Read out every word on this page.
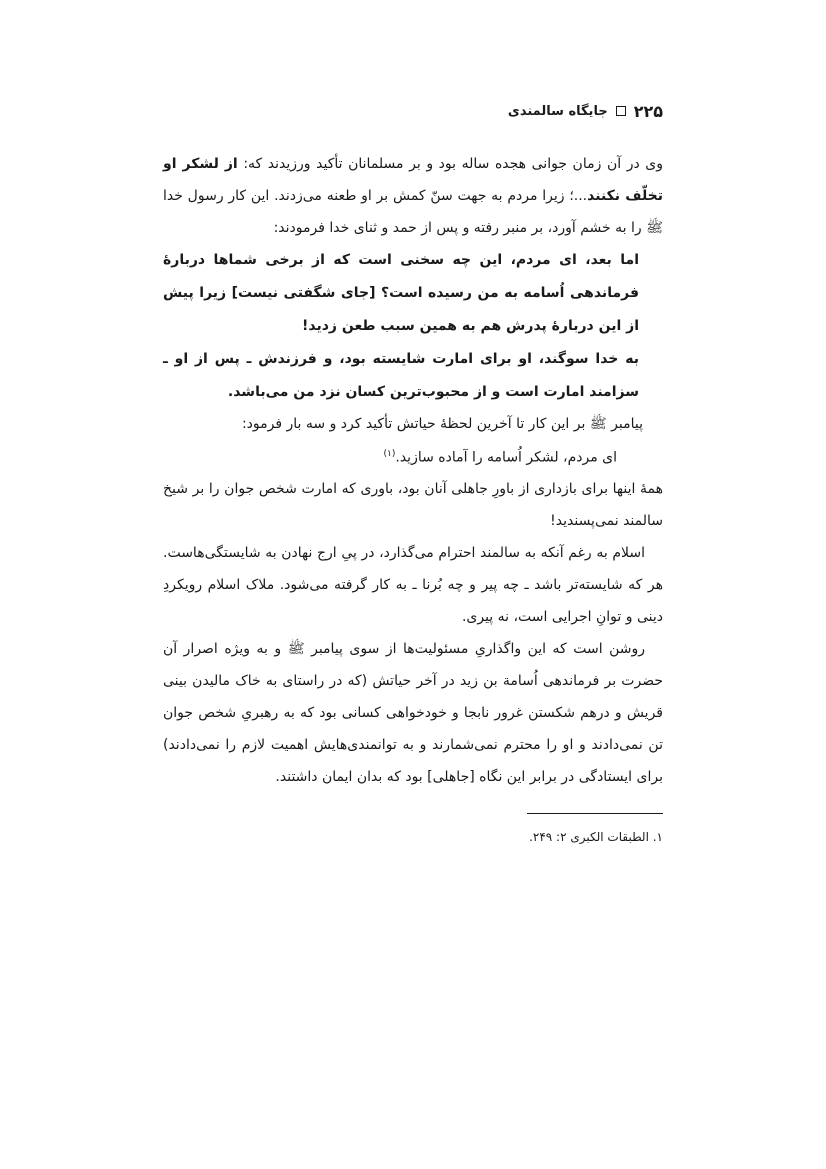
۲۲۵
جایگاه سالمندی

وی در آن زمان جوانی هجده ساله بود و بر مسلمانان تأکید ورزیدند که: از لشکر او تخلّف نکنند...؛ زیرا مردم به جهت سنّ کمش بر او طعنه می‌زدند. این کار رسول خدا ﷺ را به خشم آورد، بر منبر رفته و پس از حمد و ثنای خدا فرمودند:

اما بعد، ای مردم، این چه سخنی است که از برخی شماها دربارهٔ فرماندهی اُسامه به من رسیده است؟ [جای شگفتی نیست] زیرا پیش از این دربارهٔ پدرش هم به همین سبب طعن زدید!

به خدا سوگند، او برای امارت شایسته بود، و فرزندش ـ پس از او ـ سزامند امارت است و از محبوب‌ترین کسان نزد من می‌باشد.

پیامبر ﷺ بر این کار تا آخرین لحظهٔ حیاتش تأکید کرد و سه بار فرمود:

ای مردم، لشکر اُسامه را آماده سازید.$^{(۱)}$

همهٔ اینها برای بازداری از باورِ جاهلی آنان بود، باوری که امارت شخص جوان را بر شیخ سالمند نمی‌پسندید!

اسلام به رغم آنکه به سالمند احترام می‌گذارد، در پیِ ارج نهادن به شایستگی‌هاست. هر که شایسته‌تر باشد ـ چه پیر و چه بُرنا ـ به کار گرفته می‌شود. ملاک اسلام رویکردِ دینی و توانِ اجرایی است، نه پیری.

روشن است که این واگذاریِ مسئولیت‌ها از سوی پیامبر ﷺ و به ویژه اصرار آن حضرت بر فرماندهی اُسامة بن زید در آخر حیاتش (که در راستای به خاک مالیدن بینی قریش و درهم شکستن غرور نابجا و خودخواهی کسانی بود که به رهبریِ شخص جوان تن نمی‌دادند و او را محترم نمی‌شمارند و به توانمندی‌هایش اهمیت لازم را نمی‌دادند) برای ایستادگی در برابر این نگاه [جاهلی] بود که بدان ایمان داشتند.

۱. الطبقات الکبری ۲: ۲۴۹.
